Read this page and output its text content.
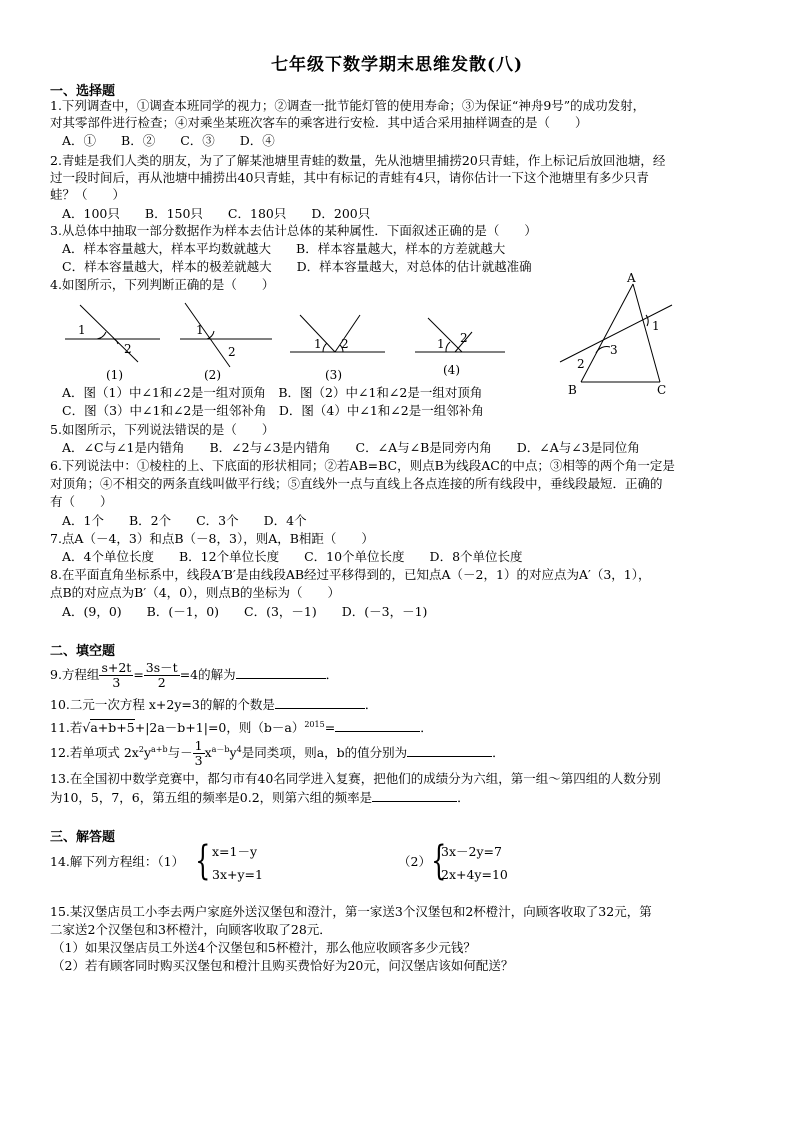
七年级下数学期末思维发散(八)
一、选择题
1.下列调查中，①调查本班同学的视力；②调查一批节能灯管的使用寿命；③为保证“神舟9号”的成功发射，
对其零部件进行检查；④对乘坐某班次客车的乘客进行安检．其中适合采用抽样调查的是（　　）
A．①　　B．②　　C．③　　D．④
2.青蛙是我们人类的朋友，为了了解某池塘里青蛙的数量，先从池塘里捕捞20只青蛙，作上标记后放回池塘，经
过一段时间后，再从池塘中捕捞出40只青蛙，其中有标记的青蛙有4只，请你估计一下这个池塘里有多少只青
蛙？（　　）
A．100只　　B．150只　　C．180只　　D．200只
3.从总体中抽取一部分数据作为样本去估计总体的某种属性．下面叙述正确的是（　　）
A．样本容量越大，样本平均数就越大　　B．样本容量越大，样本的方差就越大
C．样本容量越大，样本的极差就越大　　D．样本容量越大，对总体的估计就越准确
4.如图所示，下列判断正确的是（　　）
1
2
(1)
1
2
(2)
1 2
(3)
1 2
(4)
A
B	C
1
2
3
A．图（1）中∠1和∠2是一组对顶角　B．图（2）中∠1和∠2是一组对顶角
C．图（3）中∠1和∠2是一组邻补角　D．图（4）中∠1和∠2是一组邻补角
5.如图所示，下列说法错误的是（　　）
A．∠C与∠1是内错角　　B．∠2与∠3是内错角　　C．∠A与∠B是同旁内角　　D．∠A与∠3是同位角
6.下列说法中：①棱柱的上、下底面的形状相同；②若AB=BC，则点B为线段AC的中点；③相等的两个角一定是
对顶角；④不相交的两条直线叫做平行线；⑤直线外一点与直线上各点连接的所有线段中，垂线段最短．正确的
有（　　）
A．1个　　B．2个　　C．3个　　D．4个
7.点A（－4，3）和点B（－8，3），则A，B相距（　　）
A．4个单位长度　　B．12个单位长度　　C．10个单位长度　　D．8个单位长度
8.在平面直角坐标系中，线段A′B′是由线段AB经过平移得到的，已知点A（－2，1）的对应点为A′（3，1），
点B的对应点为B′（4，0），则点B的坐标为（　　）
A．(9，0)　　B．(－1，0)　　C．(3，－1)　　D．(－3，－1)
二、填空题
9.方程组 $\frac{s+2t}{3} = \frac{3s-t}{2} =4$的解为	．
10.二元一次方程 x+2y=3的解的个数是	．
11.若√a+b+5+|2a－b+1|=0，则$(b-a)^{2015}=$	．
12.若单项式 $2x^2y^{a+b}$与－ $\frac{1}{3} x^{a-b}y^4$是同类项，则a，b的值分别为	．
13.在全国初中数学竞赛中，都匀市有40名同学进入复赛，把他们的成绩分为六组，第一组～第四组的人数分别
为10，5，7，6，第五组的频率是0.2，则第六组的频率是	．
三、解答题
14.解下列方程组：（1） { x=1－y
3x+y=1
（2） {
3x－2y=7
2x+4y=10
15.某汉堡店员工小李去两户家庭外送汉堡包和澄汁，第一家送3个汉堡包和2杯橙汁，向顾客收取了32元，第
二家送2个汉堡包和3杯橙汁，向顾客收取了28元．
（1）如果汉堡店员工外送4个汉堡包和5杯橙汁，那么他应收顾客多少元钱？
（2）若有顾客同时购买汉堡包和橙汁且购买费恰好为20元，问汉堡店该如何配送？
